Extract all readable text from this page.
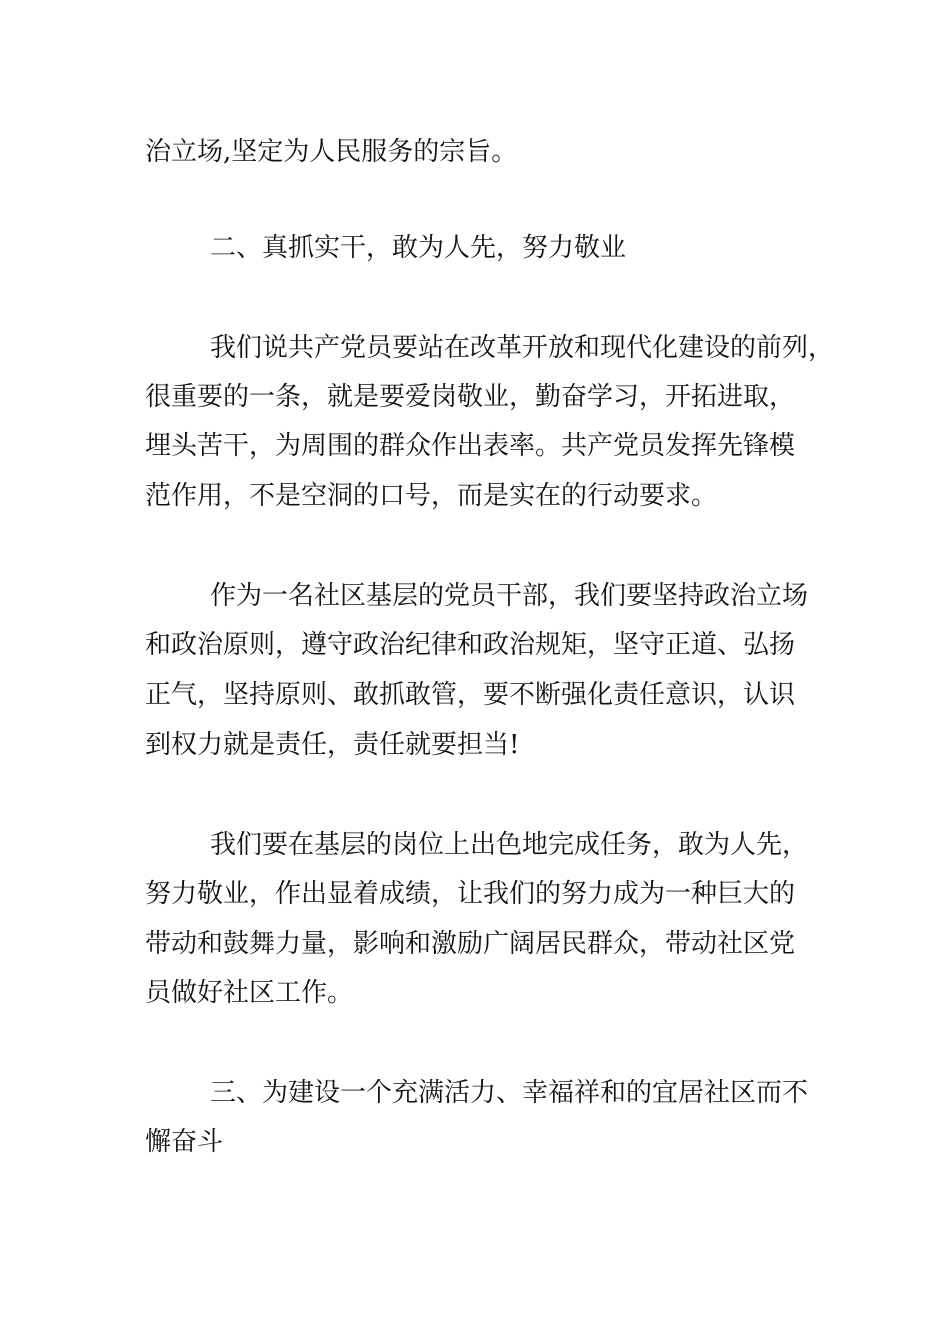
治立场,坚定为人民服务的宗旨。
二、真抓实干，敢为人先，努力敬业
我们说共产党员要站在改革开放和现代化建设的前列，
很重要的一条，就是要爱岗敬业，勤奋学习，开拓进取，
埋头苦干，为周围的群众作出表率。共产党员发挥先锋模
范作用，不是空洞的口号，而是实在的行动要求。
作为一名社区基层的党员干部，我们要坚持政治立场
和政治原则，遵守政治纪律和政治规矩，坚守正道、弘扬
正气，坚持原则、敢抓敢管，要不断强化责任意识，认识
到权力就是责任，责任就要担当!
我们要在基层的岗位上出色地完成任务，敢为人先，
努力敬业，作出显着成绩，让我们的努力成为一种巨大的
带动和鼓舞力量，影响和激励广阔居民群众，带动社区党
员做好社区工作。
三、为建设一个充满活力、幸福祥和的宜居社区而不
懈奋斗
